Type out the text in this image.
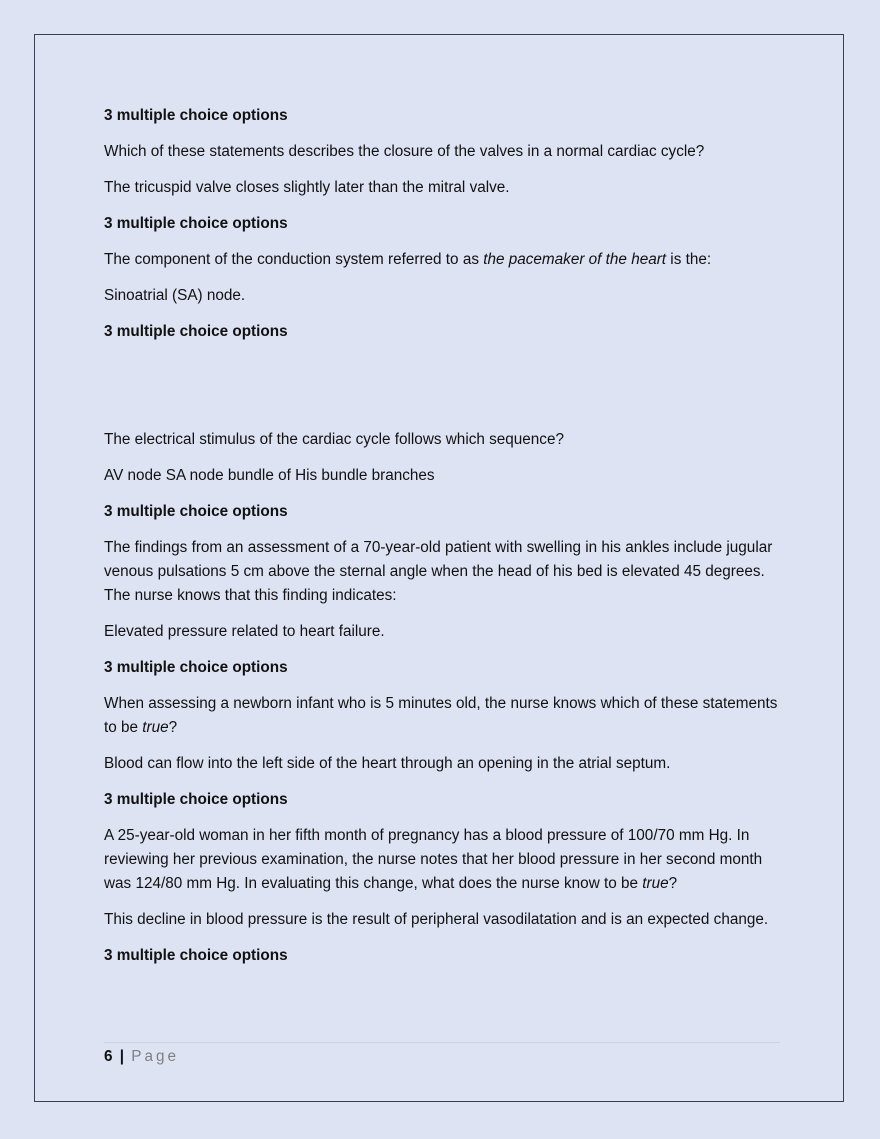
3 multiple choice options

Which of these statements describes the closure of the valves in a normal cardiac cycle?

The tricuspid valve closes slightly later than the mitral valve.

3 multiple choice options

The component of the conduction system referred to as the pacemaker of the heart is the:

Sinoatrial (SA) node.

3 multiple choice options

The electrical stimulus of the cardiac cycle follows which sequence?

AV node SA node bundle of His bundle branches

3 multiple choice options

The findings from an assessment of a 70-year-old patient with swelling in his ankles include jugular venous pulsations 5 cm above the sternal angle when the head of his bed is elevated 45 degrees. The nurse knows that this finding indicates:

Elevated pressure related to heart failure.

3 multiple choice options

When assessing a newborn infant who is 5 minutes old, the nurse knows which of these statements to be true?

Blood can flow into the left side of the heart through an opening in the atrial septum.

3 multiple choice options

A 25-year-old woman in her fifth month of pregnancy has a blood pressure of 100/70 mm Hg. In reviewing her previous examination, the nurse notes that her blood pressure in her second month was 124/80 mm Hg. In evaluating this change, what does the nurse know to be true?

This decline in blood pressure is the result of peripheral vasodilatation and is an expected change.

3 multiple choice options

6 | Page
